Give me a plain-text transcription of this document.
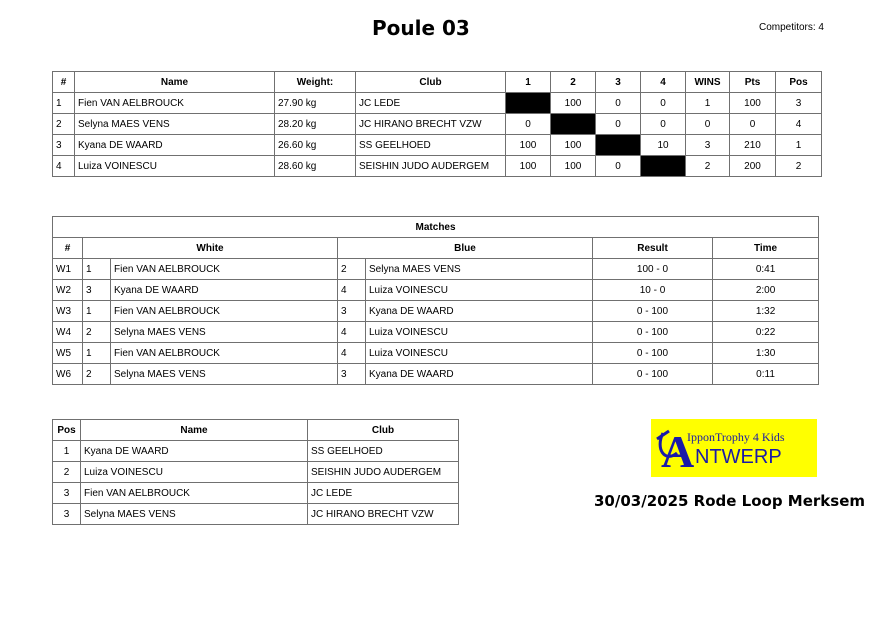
Poule 03	Competitors: 4
#	Name	Weight:	Club	1	2	3	4	WINS	Pts	Pos
1	Fien VAN AELBROUCK	27.90 kg	JC LEDE		100	0	0	1	100	3
2	Selyna MAES VENS	28.20 kg	JC HIRANO BRECHT VZW	0		0	0	0	0	4
3	Kyana DE WAARD	26.60 kg	SS GEELHOED	100	100		10	3	210	1
4	Luiza VOINESCU	28.60 kg	SEISHIN JUDO AUDERGEM	100	100	0		2	200	2
Matches						
#	White		Blue		Result	Time
W1	1	Fien VAN AELBROUCK	2	Selyna MAES VENS	100 - 0	0:41
W2	3	Kyana DE WAARD	4	Luiza VOINESCU	10 - 0	2:00
W3	1	Fien VAN AELBROUCK	3	Kyana DE WAARD	0 - 100	1:32
W4	2	Selyna MAES VENS	4	Luiza VOINESCU	0 - 100	0:22
W5	1	Fien VAN AELBROUCK	4	Luiza VOINESCU	0 - 100	1:30
W6	2	Selyna MAES VENS	3	Kyana DE WAARD	0 - 100	0:11
Pos	Name	Club
1	Kyana DE WAARD	SS GEELHOED
2	Luiza VOINESCU	SEISHIN JUDO AUDERGEM
3	Fien VAN AELBROUCK	JC LEDE
3	Selyna MAES VENS	JC HIRANO BRECHT VZW
A
IpponTrophy 4 Kids
NTWERP
30/03/2025 Rode Loop Merksem
